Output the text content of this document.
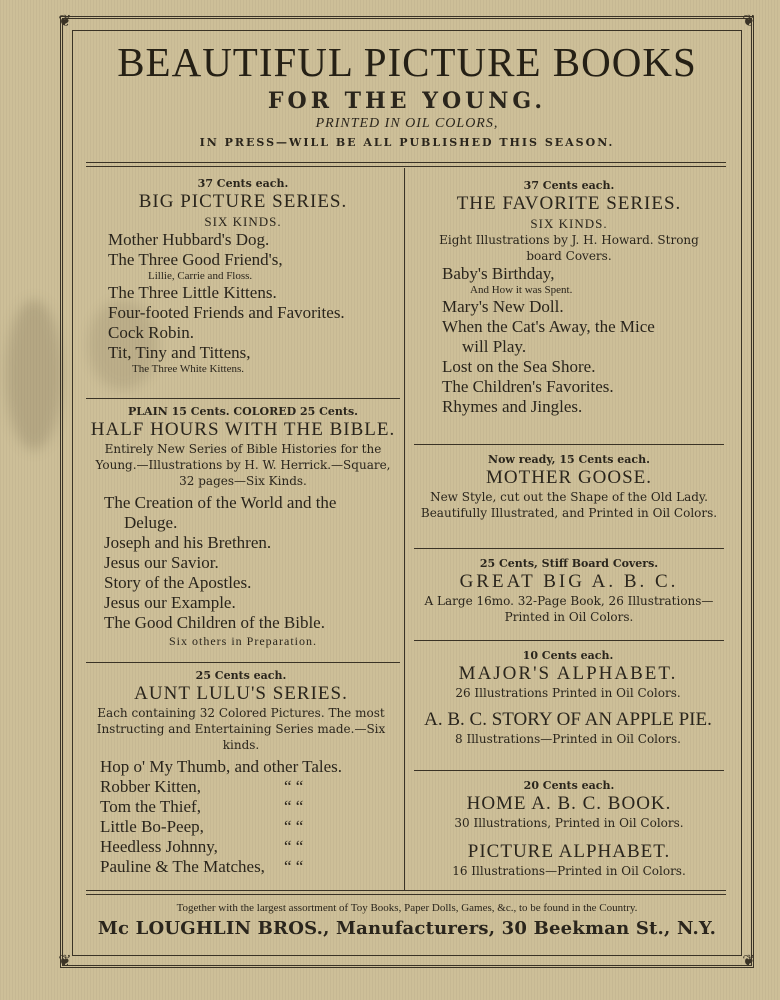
❦	❦
❦	❦
BEAUTIFUL PICTURE BOOKS
FOR THE YOUNG.
PRINTED IN OIL COLORS,
IN PRESS—WILL BE ALL PUBLISHED THIS SEASON.
37 Cents each.
BIG PICTURE SERIES.
SIX KINDS.
Mother Hubbard's Dog.
The Three Good Friend's,
Lillie, Carrie and Floss.
The Three Little Kittens.
Four-footed Friends and Favorites.
Cock Robin.
Tit, Tiny and Tittens,
The Three White Kittens.
PLAIN 15 Cents. COLORED 25 Cents.
HALF HOURS WITH THE BIBLE.
Entirely New Series of Bible Histories for the Young.—Illustrations by H. W. Herrick.—Square, 32 pages—Six Kinds.
The Creation of the World and the
Deluge.
Joseph and his Brethren.
Jesus our Savior.
Story of the Apostles.
Jesus our Example.
The Good Children of the Bible.
Six others in Preparation.
25 Cents each.
AUNT LULU'S SERIES.
Each containing 32 Colored Pictures. The most Instructing and Entertaining Series made.—Six kinds.
Hop o' My Thumb, and other Tales.
Robber Kitten,	“ “
Tom the Thief,	“ “
Little Bo-Peep,	“ “
Heedless Johnny,	“ “
Pauline & The Matches, “ “
37 Cents each.
THE FAVORITE SERIES.
SIX KINDS.
Eight Illustrations by J. H. Howard. Strong board Covers.
Baby's Birthday,
And How it was Spent.
Mary's New Doll.
When the Cat's Away, the Mice
will Play.
Lost on the Sea Shore.
The Children's Favorites.
Rhymes and Jingles.
Now ready, 15 Cents each.
MOTHER GOOSE.
New Style, cut out the Shape of the Old Lady. Beautifully Illustrated, and Printed in Oil Colors.
25 Cents, Stiff Board Covers.
GREAT BIG A. B. C.
A Large 16mo. 32-Page Book, 26 Illustrations—Printed in Oil Colors.
10 Cents each.
MAJOR'S ALPHABET.
26 Illustrations Printed in Oil Colors.
A. B. C. STORY OF AN APPLE PIE.
8 Illustrations—Printed in Oil Colors.
20 Cents each.
HOME A. B. C. BOOK.
30 Illustrations, Printed in Oil Colors.
PICTURE ALPHABET.
16 Illustrations—Printed in Oil Colors.
Together with the largest assortment of Toy Books, Paper Dolls, Games, &c., to be found in the Country.
Mc LOUGHLIN BROS., Manufacturers, 30 Beekman St., N.Y.
